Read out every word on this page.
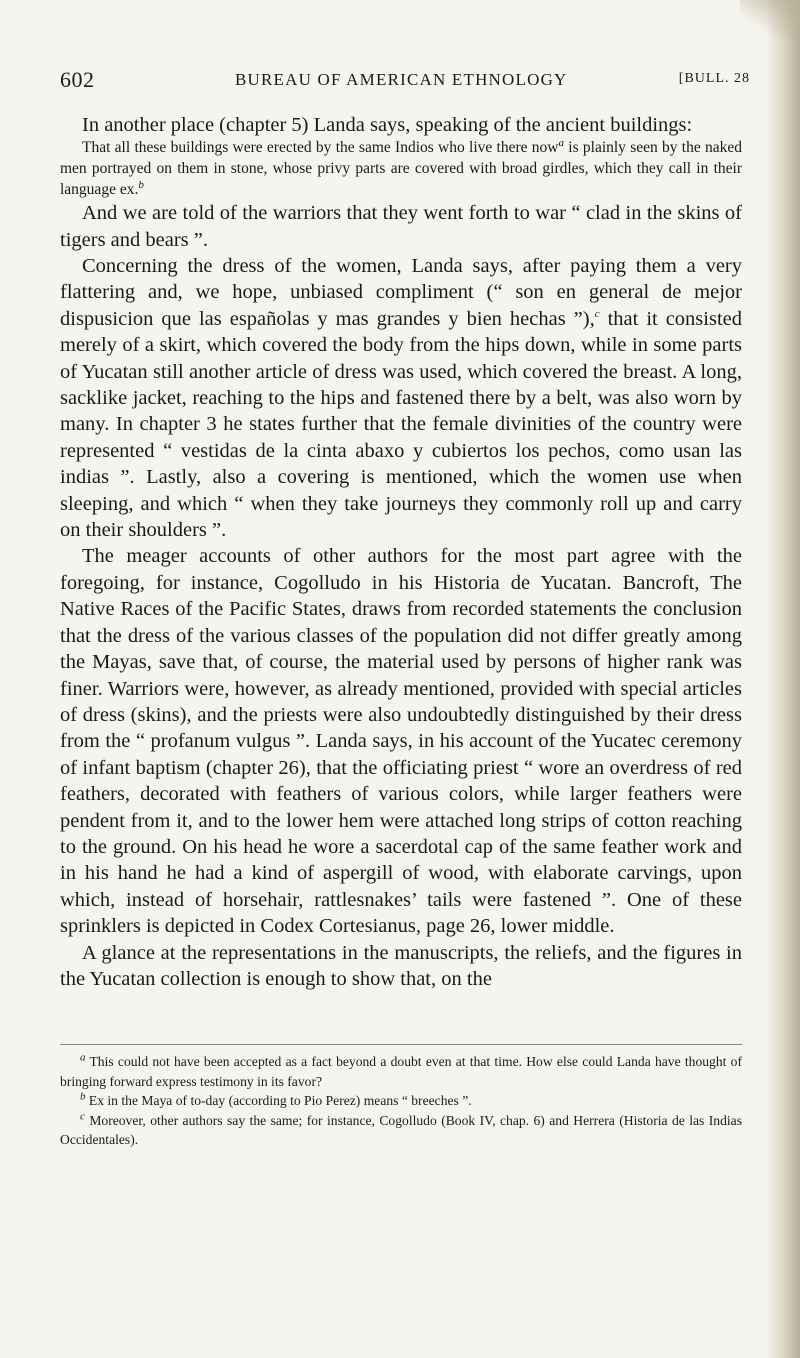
602	BUREAU OF AMERICAN ETHNOLOGY	[BULL. 28

In another place (chapter 5) Landa says, speaking of the ancient buildings:

That all these buildings were erected by the same Indios who live there now$^a$ is plainly seen by the naked men portrayed on them in stone, whose privy parts are covered with broad girdles, which they call in their language ex.$^b$

And we are told of the warriors that they went forth to war “ clad in the skins of tigers and bears ”.

Concerning the dress of the women, Landa says, after paying them a very flattering and, we hope, unbiased compliment (“ son en general de mejor dispusicion que las españolas y mas grandes y bien hechas ”),$^c$ that it consisted merely of a skirt, which covered the body from the hips down, while in some parts of Yucatan still another article of dress was used, which covered the breast. A long, sacklike jacket, reaching to the hips and fastened there by a belt, was also worn by many. In chapter 3 he states further that the female divinities of the country were represented “ vestidas de la cinta abaxo y cubiertos los pechos, como usan las indias ”. Lastly, also a covering is mentioned, which the women use when sleeping, and which “ when they take journeys they commonly roll up and carry on their shoulders ”.

The meager accounts of other authors for the most part agree with the foregoing, for instance, Cogolludo in his Historia de Yucatan. Bancroft, The Native Races of the Pacific States, draws from recorded statements the conclusion that the dress of the various classes of the population did not differ greatly among the Mayas, save that, of course, the material used by persons of higher rank was finer. Warriors were, however, as already mentioned, provided with special articles of dress (skins), and the priests were also undoubtedly distinguished by their dress from the “ profanum vulgus ”. Landa says, in his account of the Yucatec ceremony of infant baptism (chapter 26), that the officiating priest “ wore an overdress of red feathers, decorated with feathers of various colors, while larger feathers were pendent from it, and to the lower hem were attached long strips of cotton reaching to the ground. On his head he wore a sacerdotal cap of the same feather work and in his hand he had a kind of aspergill of wood, with elaborate carvings, upon which, instead of horsehair, rattlesnakes’ tails were fastened ”. One of these sprinklers is depicted in Codex Cortesianus, page 26, lower middle.

A glance at the representations in the manuscripts, the reliefs, and the figures in the Yucatan collection is enough to show that, on the

$^a$ This could not have been accepted as a fact beyond a doubt even at that time. How else could Landa have thought of bringing forward express testimony in its favor?

$^b$ Ex in the Maya of to-day (according to Pio Perez) means “ breeches ”.

$^c$ Moreover, other authors say the same; for instance, Cogolludo (Book IV, chap. 6) and Herrera (Historia de las Indias Occidentales).
